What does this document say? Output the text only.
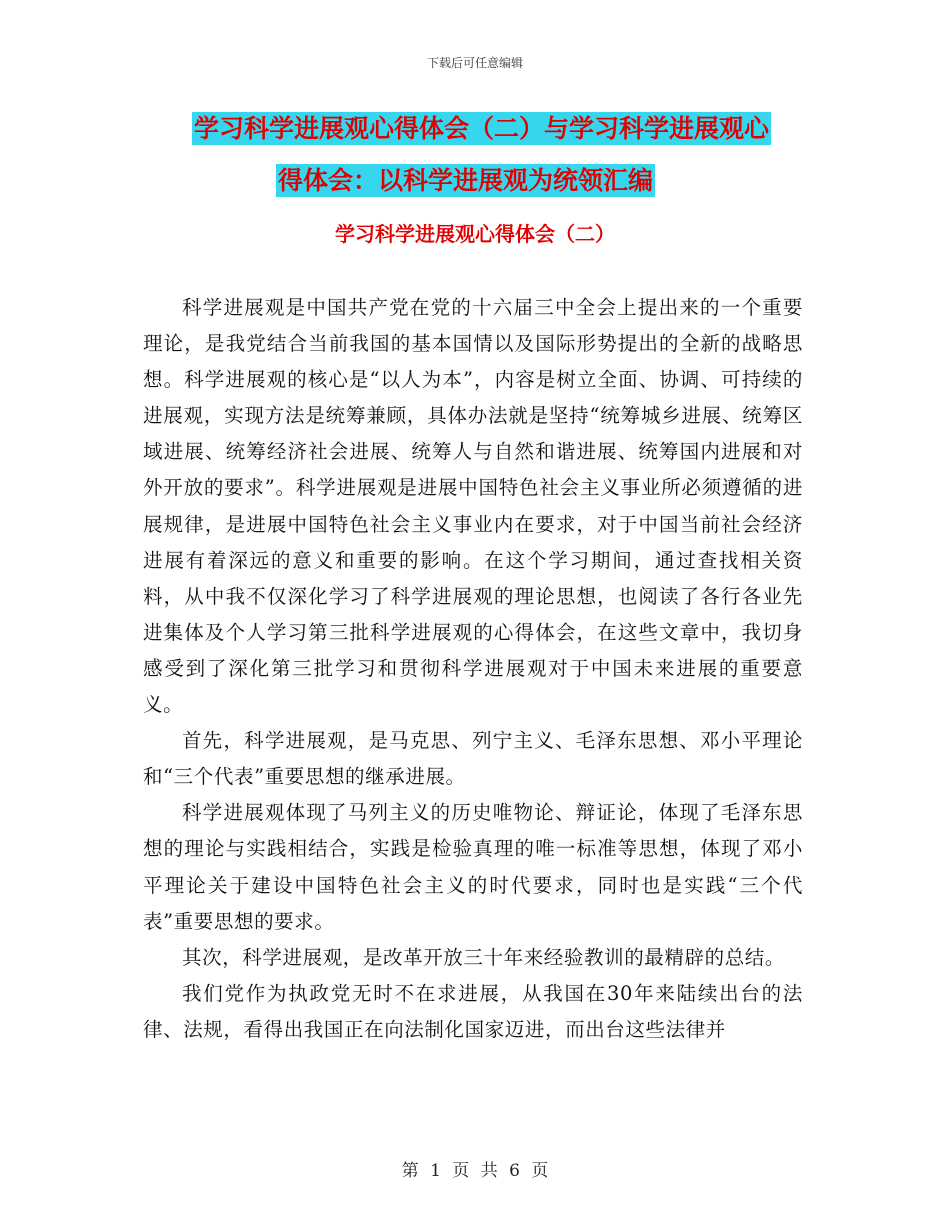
下载后可任意编辑
学习科学进展观心得体会（二）与学习科学进展观心
得体会：以科学进展观为统领汇编
学习科学进展观心得体会（二）

科学进展观是中国共产党在党的十六届三中全会上提出来的一个重要理论，是我党结合当前我国的基本国情以及国际形势提出的全新的战略思想。科学进展观的核心是“以人为本”，内容是树立全面、协调、可持续的进展观，实现方法是统筹兼顾，具体办法就是坚持“统筹城乡进展、统筹区域进展、统筹经济社会进展、统筹人与自然和谐进展、统筹国内进展和对外开放的要求”。科学进展观是进展中国特色社会主义事业所必须遵循的进展规律，是进展中国特色社会主义事业内在要求，对于中国当前社会经济进展有着深远的意义和重要的影响。在这个学习期间，通过查找相关资料，从中我不仅深化学习了科学进展观的理论思想，也阅读了各行各业先进集体及个人学习第三批科学进展观的心得体会，在这些文章中，我切身感受到了深化第三批学习和贯彻科学进展观对于中国未来进展的重要意义。

首先，科学进展观，是马克思、列宁主义、毛泽东思想、邓小平理论和“三个代表”重要思想的继承进展。

科学进展观体现了马列主义的历史唯物论、辩证论，体现了毛泽东思想的理论与实践相结合，实践是检验真理的唯一标准等思想，体现了邓小平理论关于建设中国特色社会主义的时代要求，同时也是实践“三个代表”重要思想的要求。

其次，科学进展观，是改革开放三十年来经验教训的最精辟的总结。

我们党作为执政党无时不在求进展，从我国在30年来陆续出台的法律、法规，看得出我国正在向法制化国家迈进，而出台这些法律并

第 1 页 共 6 页
